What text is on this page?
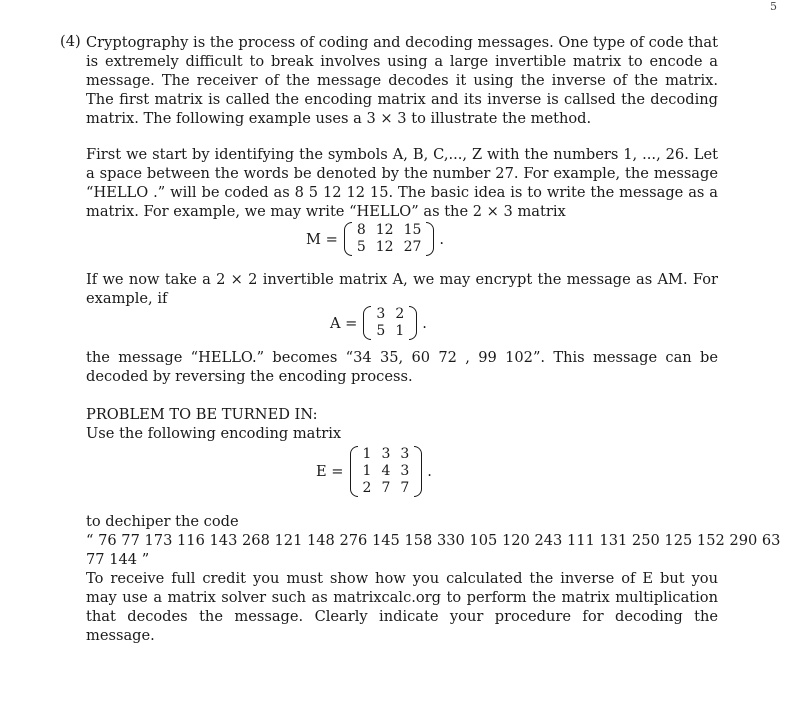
5
(4) Cryptography is the process of coding and decoding messages. One type of code that is extremely difficult to break involves using a large invertible matrix to encode a message. The receiver of the message decodes it using the inverse of the matrix. The first matrix is called the encoding matrix and its inverse is callsed the decoding matrix. The following example uses a 3 × 3 to illustrate the method.
First we start by identifying the symbols A, B, C,..., Z with the numbers 1, ..., 26. Let a space between the words be denoted by the number 27. For example, the message “HELLO .” will be coded as 8 5 12 12 15. The basic idea is to write the message as a matrix. For example, we may write “HELLO” as the 2 × 3 matrix
M =
8	12	15
5	12	27 .
If we now take a 2 × 2 invertible matrix A, we may encrypt the message as AM. For example, if
A =
3	2
5	1 .
the message “HELLO.” becomes “34 35, 60 72 , 99 102”. This message can be decoded by reversing the encoding process.
PROBLEM TO BE TURNED IN:
Use the following encoding matrix
E =
1	3	3
1	4	3
2	7	7
.
to dechiper the code
“ 76 77 173 116 143 268 121 148 276 145 158 330 105 120 243 111 131 250 125 152 290 63
77 144 ”
To receive full credit you must show how you calculated the inverse of E but you may use a matrix solver such as matrixcalc.org to perform the matrix multiplication that decodes the message. Clearly indicate your procedure for decoding the message.
